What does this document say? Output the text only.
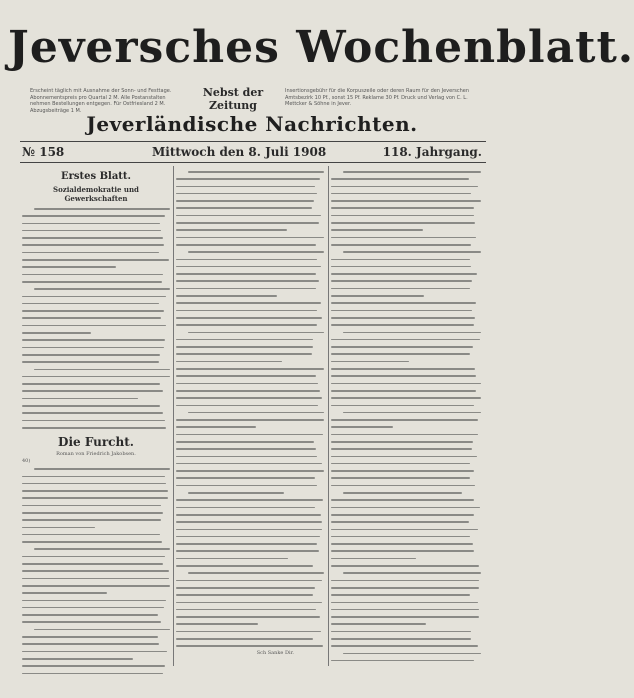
Jeversches Wochenblatt.
Erscheint täglich mit Ausnahme der Sonn- und Festtage. Abonnementspreis pro Quartal 2 M. Alle Postanstalten nehmen Bestellungen entgegen. Für Ostfriesland 2 M. Abzugsbeiträge 1 M.
Nebst der Zeitung
Insertionsgebühr für die Korpuszeile oder deren Raum für den Jeverschen Amtsbezirk 10 Pf., sonst 15 Pf. Reklame 30 Pf. Druck und Verlag von C. L. Mettcker & Söhne in Jever.
Jeverländische Nachrichten.
№ 158	Mittwoch den 8. Juli 1908	118. Jahrgang.
Erstes Blatt.
Sozialdemokratie und Gewerkschaften
Die Furcht.
Roman von Friedrich Jakobsen.
40)
Sch Sanke Dir.
